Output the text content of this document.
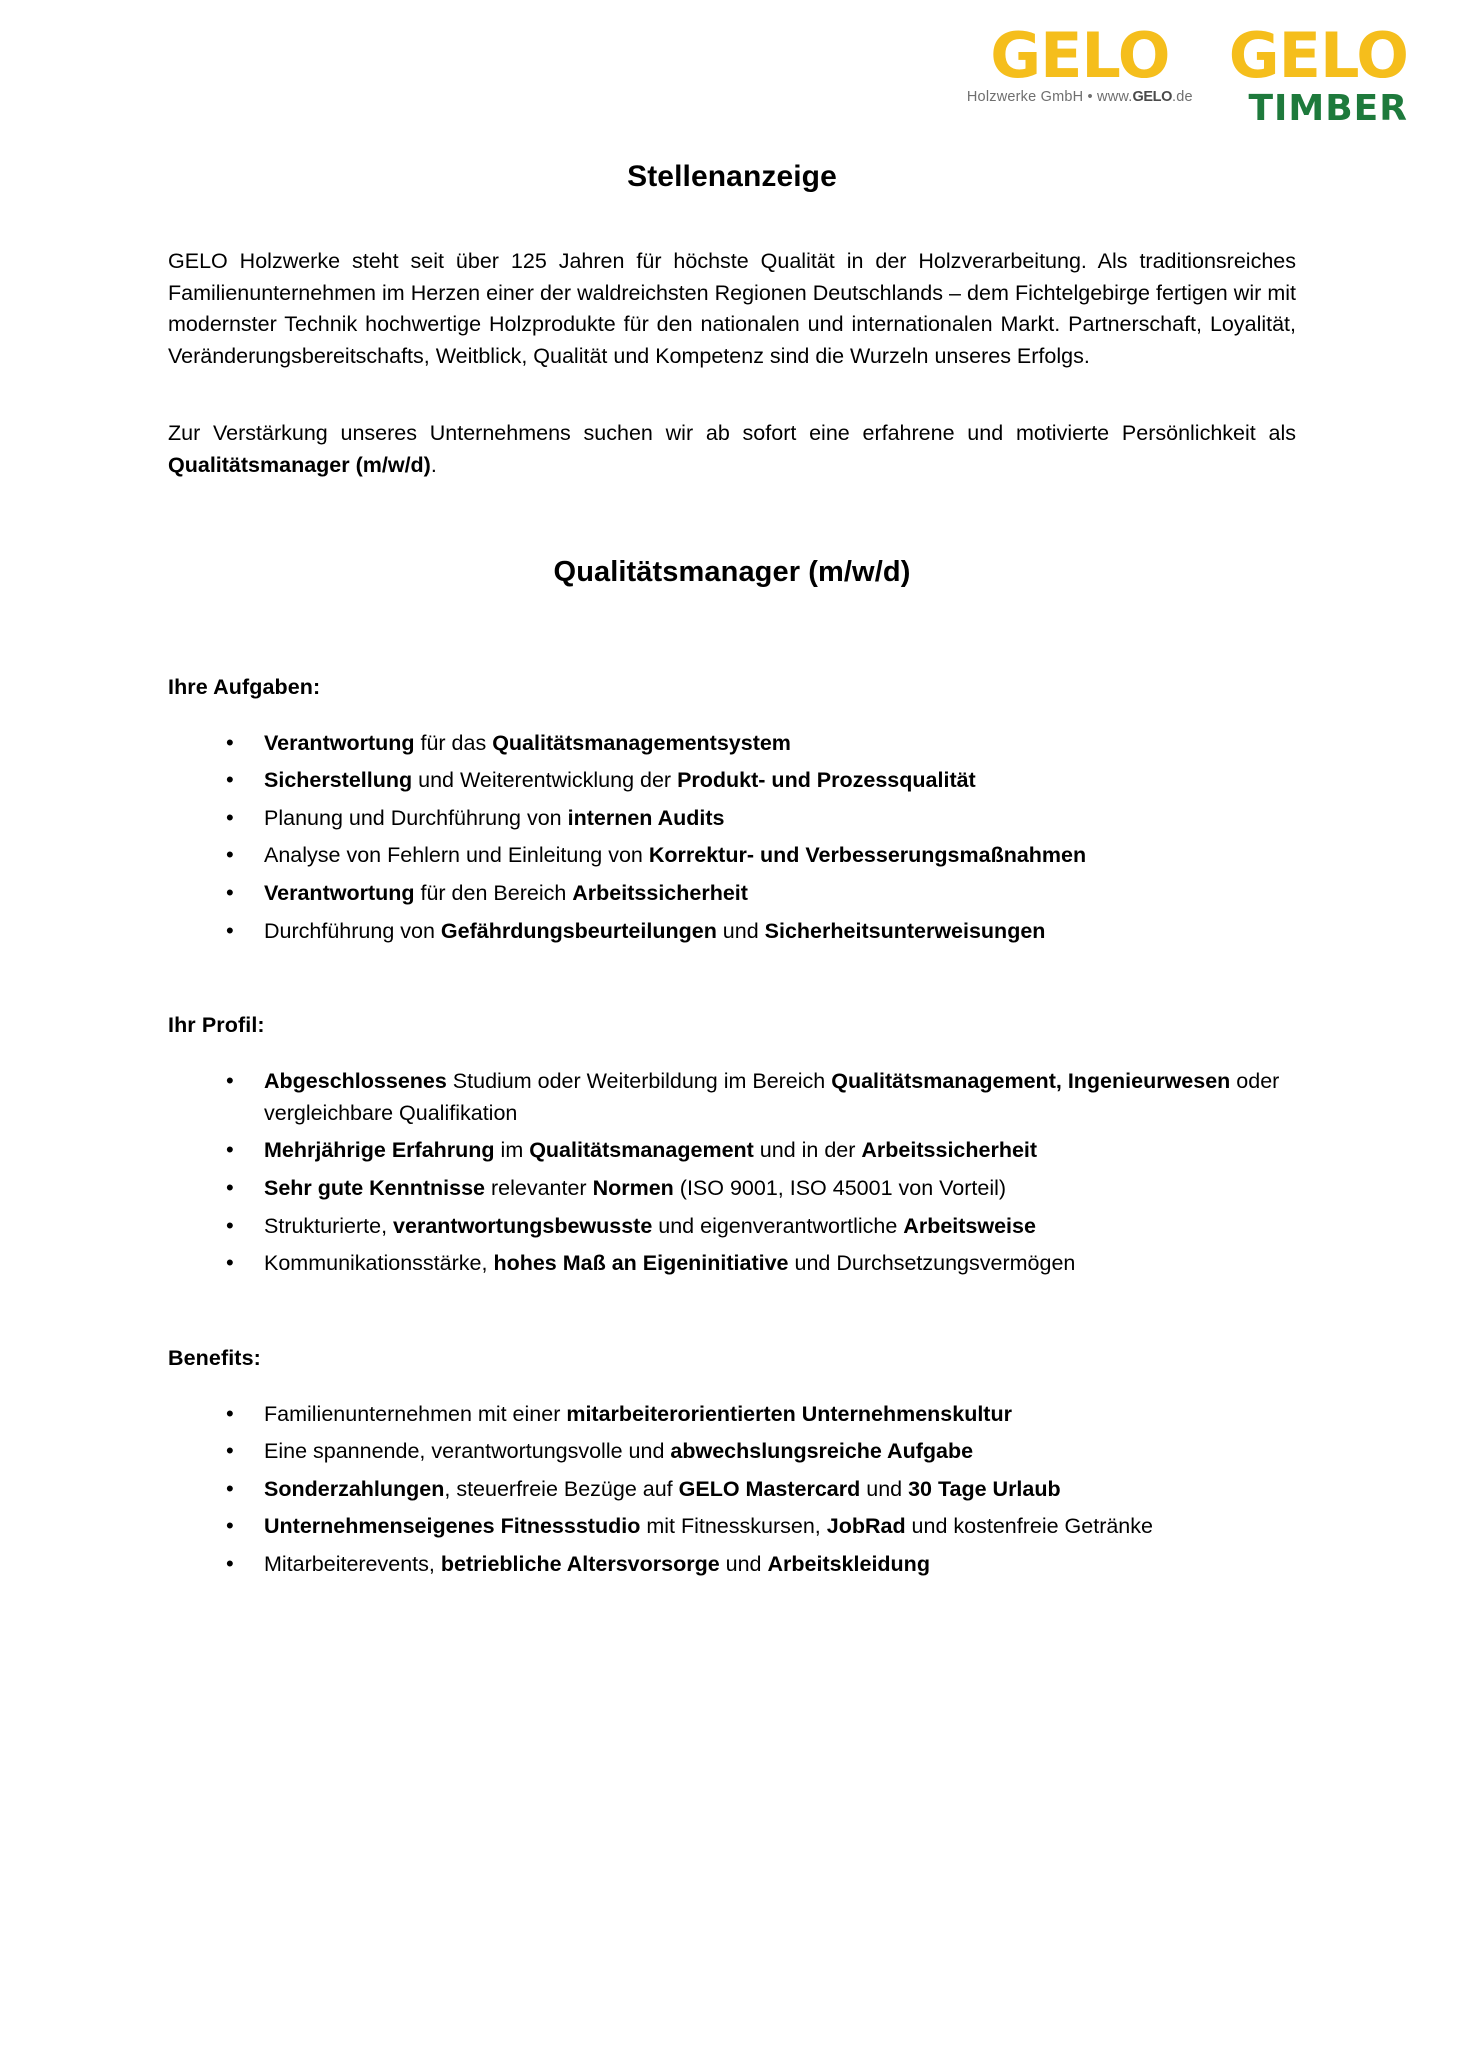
GELO
Holzwerke GmbH • www.GELO.de
GELO
TIMBER
Stellenanzeige

GELO Holzwerke steht seit über 125 Jahren für höchste Qualität in der Holzverarbeitung. Als traditionsreiches Familienunternehmen im Herzen einer der waldreichsten Regionen Deutschlands – dem Fichtelgebirge fertigen wir mit modernster Technik hochwertige Holzprodukte für den nationalen und internationalen Markt. Partnerschaft, Loyalität, Veränderungsbereitschafts, Weitblick, Qualität und Kompetenz sind die Wurzeln unseres Erfolgs.

Zur Verstärkung unseres Unternehmens suchen wir ab sofort eine erfahrene und motivierte Persönlichkeit als Qualitätsmanager (m/w/d).

Qualitätsmanager (m/w/d)
Ihre Aufgaben:
• Verantwortung für das Qualitätsmanagementsystem
• Sicherstellung und Weiterentwicklung der Produkt- und Prozessqualität
• Planung und Durchführung von internen Audits
• Analyse von Fehlern und Einleitung von Korrektur- und Verbesserungsmaßnahmen
• Verantwortung für den Bereich Arbeitssicherheit
• Durchführung von Gefährdungsbeurteilungen und Sicherheitsunterweisungen
Ihr Profil:
• Abgeschlossenes Studium oder Weiterbildung im Bereich Qualitätsmanagement, Ingenieurwesen oder vergleichbare Qualifikation
• Mehrjährige Erfahrung im Qualitätsmanagement und in der Arbeitssicherheit
• Sehr gute Kenntnisse relevanter Normen (ISO 9001, ISO 45001 von Vorteil)
• Strukturierte, verantwortungsbewusste und eigenverantwortliche Arbeitsweise
• Kommunikationsstärke, hohes Maß an Eigeninitiative und Durchsetzungsvermögen
Benefits:
• Familienunternehmen mit einer mitarbeiterorientierten Unternehmenskultur
• Eine spannende, verantwortungsvolle und abwechslungsreiche Aufgabe
• Sonderzahlungen, steuerfreie Bezüge auf GELO Mastercard und 30 Tage Urlaub
• Unternehmenseigenes Fitnessstudio mit Fitnesskursen, JobRad und kostenfreie Getränke
• Mitarbeiterevents, betriebliche Altersvorsorge und Arbeitskleidung
